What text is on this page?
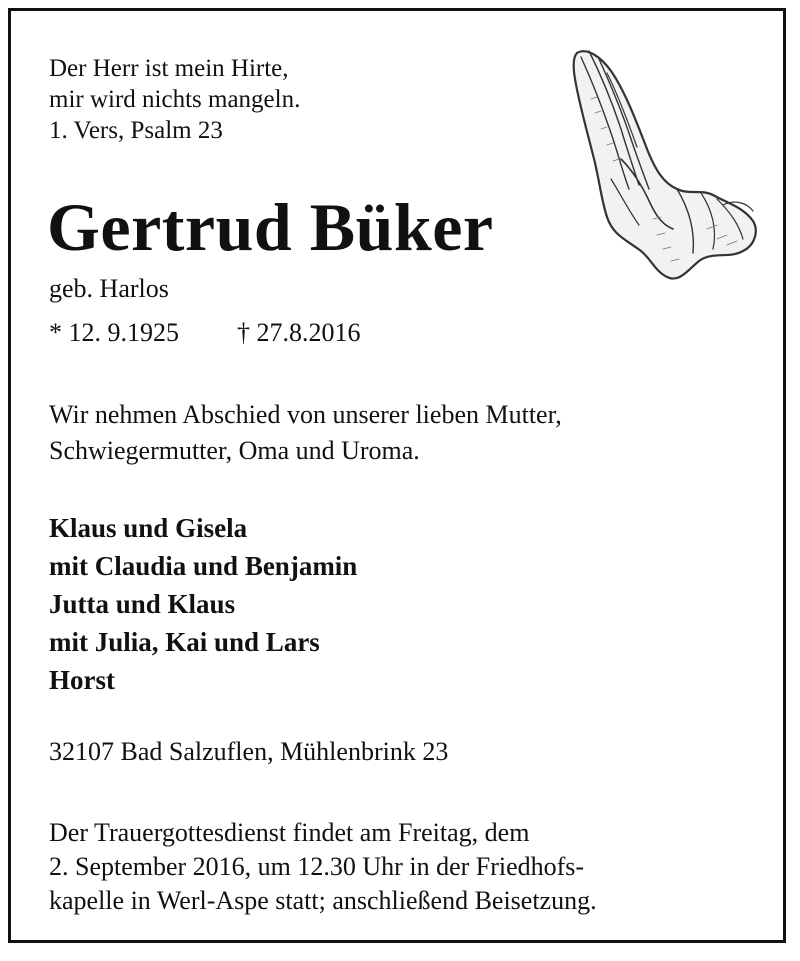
Der Herr ist mein Hirte,
mir wird nichts mangeln.
1. Vers, Psalm 23
Gertrud Büker
geb. Harlos
* 12. 9.1925 † 27.8.2016
Wir nehmen Abschied von unserer lieben Mutter,
Schwiegermutter, Oma und Uroma.
Klaus und Gisela
mit Claudia und Benjamin
Jutta und Klaus
mit Julia, Kai und Lars
Horst
32107 Bad Salzuflen, Mühlenbrink 23
Der Trauergottesdienst findet am Freitag, dem
2. September 2016, um 12.30 Uhr in der Friedhofs-
kapelle in Werl-Aspe statt; anschließend Beisetzung.
